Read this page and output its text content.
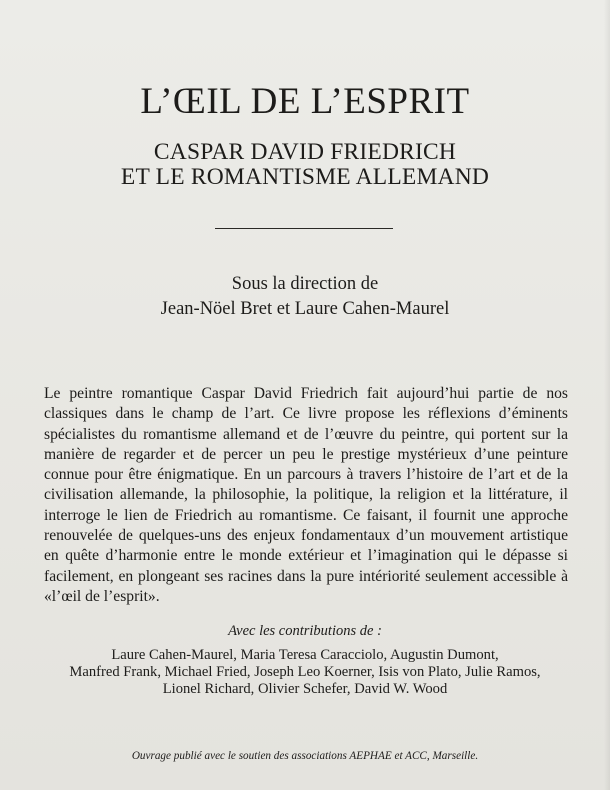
L’ŒIL DE L’ESPRIT
CASPAR DAVID FRIEDRICH
ET LE ROMANTISME ALLEMAND
Sous la direction de
Jean-Nöel Bret et Laure Cahen-Maurel
Le peintre romantique Caspar David Friedrich fait aujourd’hui partie de nos classiques dans le champ de l’art. Ce livre propose les réflexions d’éminents spécialistes du romantisme allemand et de l’œuvre du peintre, qui portent sur la manière de regarder et de percer un peu le prestige mystérieux d’une peinture connue pour être énigmatique. En un parcours à travers l’histoire de l’art et de la civilisation allemande, la philosophie, la politique, la religion et la littérature, il interroge le lien de Friedrich au romantisme. Ce faisant, il fournit une approche renouvelée de quelques-uns des enjeux fondamentaux d’un mouvement artistique en quête d’harmonie entre le monde extérieur et l’imagination qui le dépasse si facilement, en plongeant ses racines dans la pure intériorité seulement accessible à «l’œil de l’esprit».
Avec les contributions de :
Laure Cahen-Maurel, Maria Teresa Caracciolo, Augustin Dumont,
Manfred Frank, Michael Fried, Joseph Leo Koerner, Isis von Plato, Julie Ramos,
Lionel Richard, Olivier Schefer, David W. Wood
Ouvrage publié avec le soutien des associations AEPHAE et ACC, Marseille.
